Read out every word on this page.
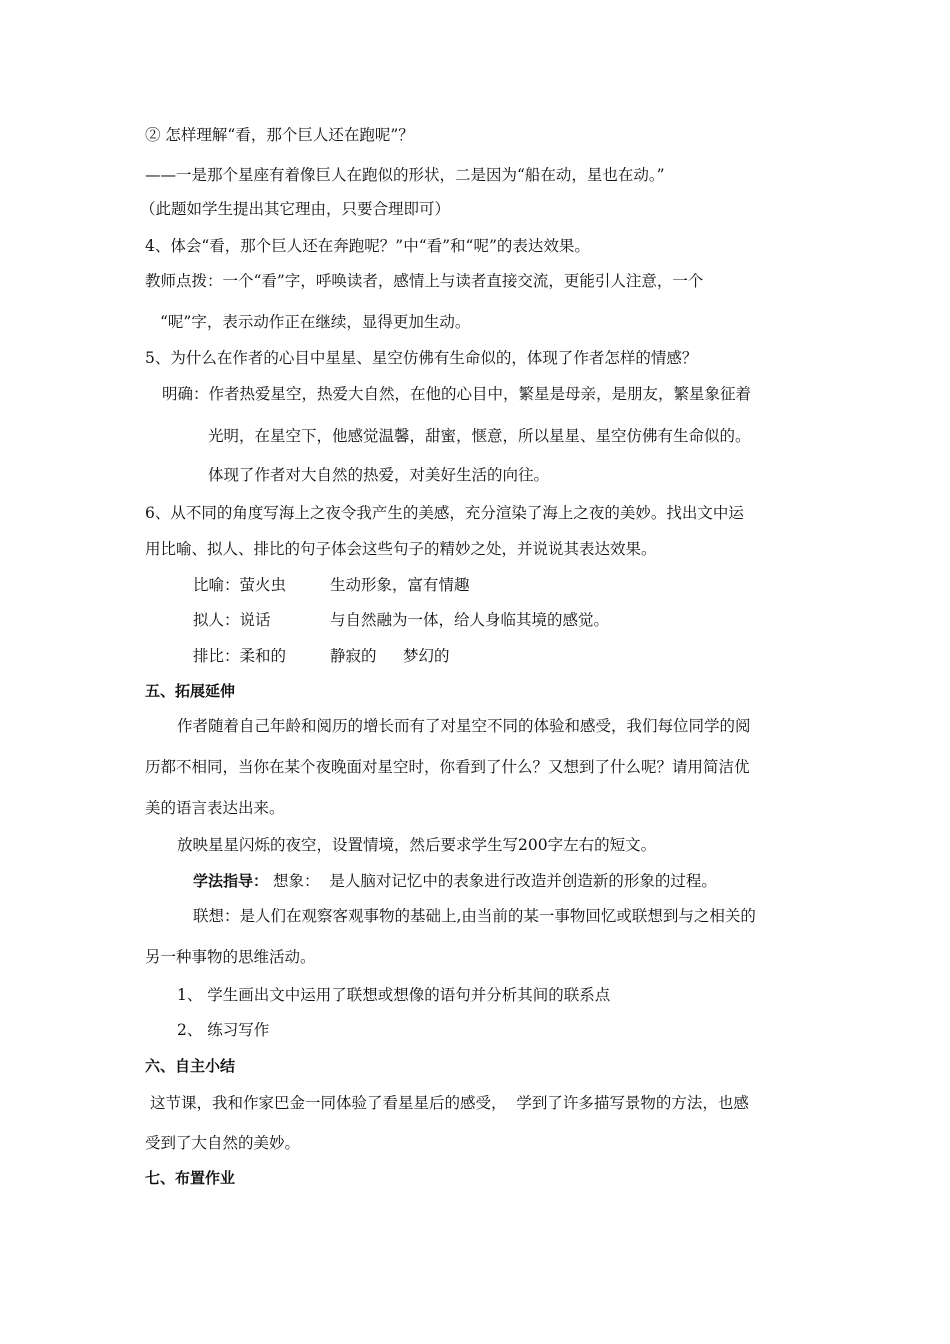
② 怎样理解“看，那个巨人还在跑呢”？
——一是那个星座有着像巨人在跑似的形状，二是因为“船在动，星也在动。”
（此题如学生提出其它理由，只要合理即可）
4、体会“看，那个巨人还在奔跑呢？”中“看”和“呢”的表达效果。
教师点拨：一个“看”字，呼唤读者，感情上与读者直接交流，更能引人注意，一个
“呢”字，表示动作正在继续，显得更加生动。
5、为什么在作者的心目中星星、星空仿佛有生命似的，体现了作者怎样的情感？
明确：作者热爱星空，热爱大自然，在他的心目中，繁星是母亲，是朋友，繁星象征着
光明，在星空下，他感觉温馨，甜蜜，惬意，所以星星、星空仿佛有生命似的。
体现了作者对大自然的热爱，对美好生活的向往。
6、从不同的角度写海上之夜令我产生的美感，充分渲染了海上之夜的美妙。找出文中运
用比喻、拟人、排比的句子体会这些句子的精妙之处，并说说其表达效果。
比喻：萤火虫	生动形象，富有情趣
拟人：说话	与自然融为一体，给人身临其境的感觉。
排比：柔和的	静寂的 梦幻的
五、拓展延伸
作者随着自己年龄和阅历的增长而有了对星空不同的体验和感受，我们每位同学的阅
历都不相同，当你在某个夜晚面对星空时，你看到了什么？又想到了什么呢？请用简洁优
美的语言表达出来。
放映星星闪烁的夜空，设置情境，然后要求学生写200字左右的短文。
学法指导： 想象：  是人脑对记忆中的表象进行改造并创造新的形象的过程。
联想：是人们在观察客观事物的基础上,由当前的某一事物回忆或联想到与之相关的
另一种事物的思维活动。
1、 学生画出文中运用了联想或想像的语句并分析其间的联系点
2、 练习写作
六、自主小结
这节课，我和作家巴金一同体验了看星星后的感受，  学到了许多描写景物的方法，也感
受到了大自然的美妙。
七、布置作业
